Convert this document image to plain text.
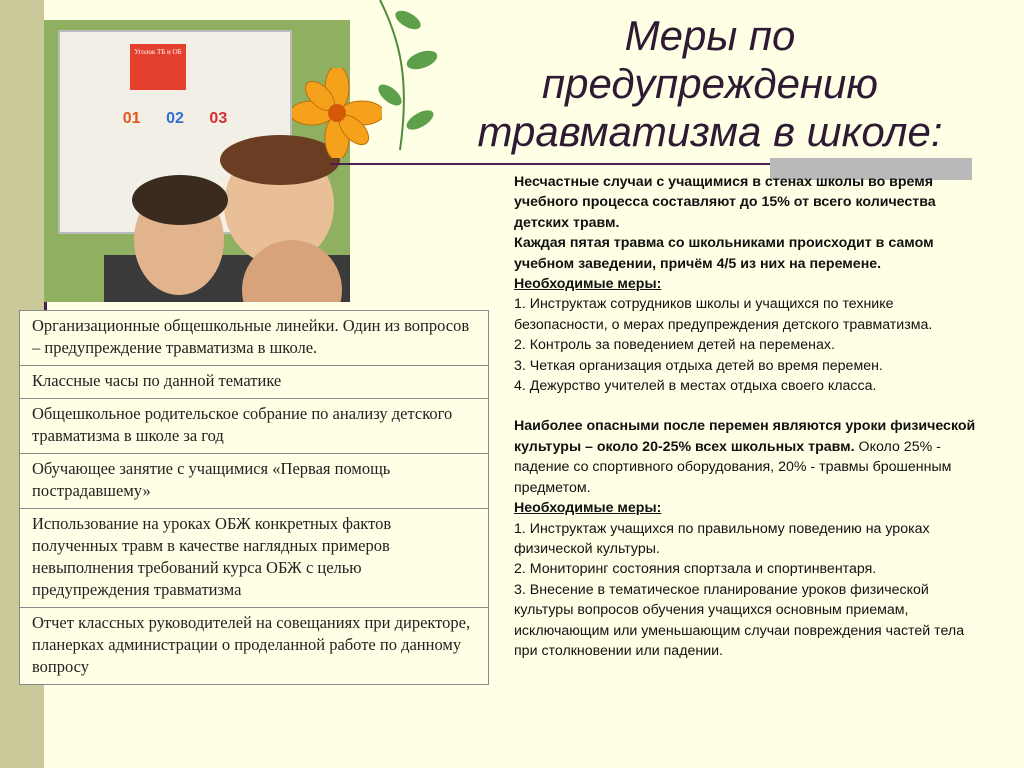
Уголок ТБ и ОБ
01 02 03
Меры по
предупреждению
травматизма в школе:

Несчастные случаи с учащимися в стенах школы во время учебного процесса составляют до 15% от всего количества детских травм.

Каждая пятая травма со школьниками происходит в самом учебном заведении, причём 4/5 из них на перемене.

Необходимые меры:

1. Инструктаж сотрудников школы и учащихся по технике безопасности, о мерах предупреждения детского травматизма.

2. Контроль за поведением детей на переменах.

3. Четкая организация отдыха детей во время перемен.

4. Дежурство учителей в местах отдыха своего класса.

Наиболее опасными после перемен являются уроки физической культуры – около 20-25% всех школьных травм. Около 25% - падение со спортивного оборудования, 20% - травмы брошенным предметом.

Необходимые меры:

1. Инструктаж учащихся по правильному поведению на уроках физической культуры.

2. Мониторинг состояния спортзала и спортинвентаря.

3. Внесение в тематическое планирование уроков физической культуры вопросов обучения учащихся основным приемам, исключающим или уменьшающим случаи повреждения частей тела при столкновении или падении.

Организационные общешкольные линейки. Один из вопросов – предупреждение травматизма в школе.
Классные часы по данной тематике
Общешкольное родительское собрание по анализу детского травматизма в школе за год
Обучающее занятие с учащимися «Первая помощь пострадавшему»
Использование на уроках ОБЖ конкретных фактов полученных травм в качестве наглядных примеров невыполнения требований курса ОБЖ с целью предупреждения травматизма
Отчет классных руководителей на совещаниях при директоре, планерках администрации о проделанной работе по данному вопросу
